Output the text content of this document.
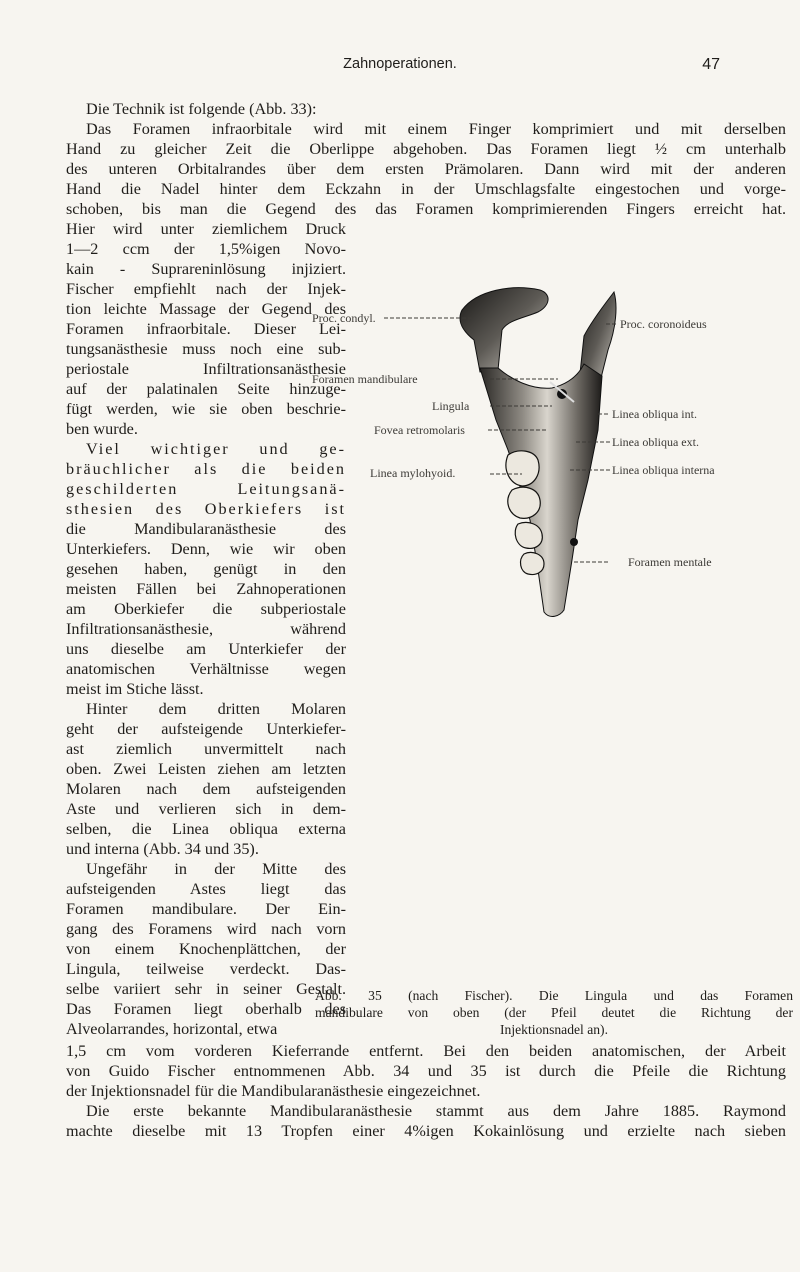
Zahnoperationen.	47
Die Technik ist folgende (Abb. 33):
Das Foramen infraorbitale wird mit einem Finger komprimiert und mit derselben
Hand zu gleicher Zeit die Oberlippe abgehoben. Das Foramen liegt ½ cm unterhalb
des unteren Orbitalrandes über dem ersten Prämolaren. Dann wird mit der anderen
Hand die Nadel hinter dem Eckzahn in der Umschlagsfalte eingestochen und vorge-
schoben, bis man die Gegend des das Foramen komprimierenden Fingers erreicht hat.
Hier wird unter ziemlichem Druck
1—2 ccm der 1,5%igen Novo-
kain - Suprareninlösung injiziert.
Fischer empfiehlt nach der Injek-
tion leichte Massage der Gegend des
Foramen infraorbitale. Dieser Lei-
tungsanästhesie muss noch eine sub-
periostale Infiltrationsanästhesie
auf der palatinalen Seite hinzuge-
fügt werden, wie sie oben beschrie-
ben wurde.
Viel wichtiger und ge-
bräuchlicher als die beiden
geschilderten Leitungsanä-
sthesien des Oberkiefers ist
die Mandibularanästhesie des
Unterkiefers. Denn, wie wir oben
gesehen haben, genügt in den
meisten Fällen bei Zahnoperationen
am Oberkiefer die subperiostale
Infiltrationsanästhesie, während
uns dieselbe am Unterkiefer der
anatomischen Verhältnisse wegen
meist im Stiche lässt.
Hinter dem dritten Molaren
geht der aufsteigende Unterkiefer-
ast ziemlich unvermittelt nach
oben. Zwei Leisten ziehen am letzten
Molaren nach dem aufsteigenden
Aste und verlieren sich in dem-
selben, die Linea obliqua externa
und interna (Abb. 34 und 35).
Ungefähr in der Mitte des
aufsteigenden Astes liegt das
Foramen mandibulare. Der Ein-
gang des Foramens wird nach vorn
von einem Knochenplättchen, der
Lingula, teilweise verdeckt. Das-
selbe variiert sehr in seiner Gestalt.
Das Foramen liegt oberhalb des
Alveolarrandes, horizontal, etwa
1,5 cm vom vorderen Kieferrande entfernt. Bei den beiden anatomischen, der Arbeit
von Guido Fischer entnommenen Abb. 34 und 35 ist durch die Pfeile die Richtung
der Injektionsnadel für die Mandibularanästhesie eingezeichnet.
Die erste bekannte Mandibularanästhesie stammt aus dem Jahre 1885. Raymond
machte dieselbe mit 13 Tropfen einer 4%igen Kokainlösung und erzielte nach sieben
Proc. condyl.	Proc. coronoideus
Foramen mandibulare
Lingula
Linea obliqua int.
Fovea retromolaris
Linea obliqua ext.
Linea mylohyoid.	Linea obliqua interna
Foramen mentale
Abb. 35 (nach Fischer). Die Lingula und das Foramen
mandibulare von oben (der Pfeil deutet die Richtung der
Injektionsnadel an).
